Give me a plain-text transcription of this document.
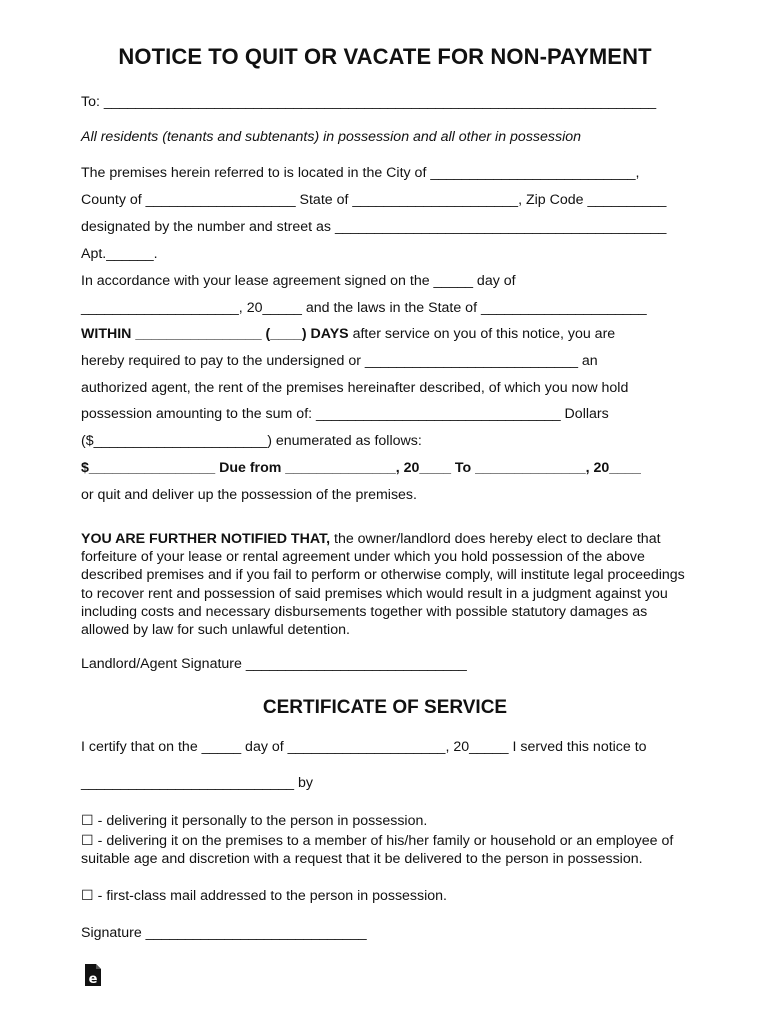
NOTICE TO QUIT OR VACATE FOR NON-PAYMENT

To: ______________________________________________________________________

All residents (tenants and subtenants) in possession and all other in possession

The premises herein referred to is located in the City of __________________________,

County of ___________________ State of _____________________, Zip Code __________

designated by the number and street as __________________________________________

Apt.______.

In accordance with your lease agreement signed on the _____ day of

____________________, 20_____ and the laws in the State of _____________________

WITHIN ________________ (____) DAYS after service on you of this notice, you are

hereby required to pay to the undersigned or ___________________________ an

authorized agent, the rent of the premises hereinafter described, of which you now hold

possession amounting to the sum of: _______________________________ Dollars

($______________________) enumerated as follows:

$________________ Due from ______________, 20____ To ______________, 20____

or quit and deliver up the possession of the premises.

YOU ARE FURTHER NOTIFIED THAT, the owner/landlord does hereby elect to declare that forfeiture of your lease or rental agreement under which you hold possession of the above described premises and if you fail to perform or otherwise comply, will institute legal proceedings to recover rent and possession of said premises which would result in a judgment against you including costs and necessary disbursements together with possible statutory damages as allowed by law for such unlawful detention.

Landlord/Agent Signature ____________________________

CERTIFICATE OF SERVICE

I certify that on the _____ day of ____________________, 20_____ I served this notice to

___________________________ by

☐ - delivering it personally to the person in possession.

☐ - delivering it on the premises to a member of his/her family or household or an employee of suitable age and discretion with a request that it be delivered to the person in possession.

☐ - first-class mail addressed to the person in possession.

Signature ____________________________

e
